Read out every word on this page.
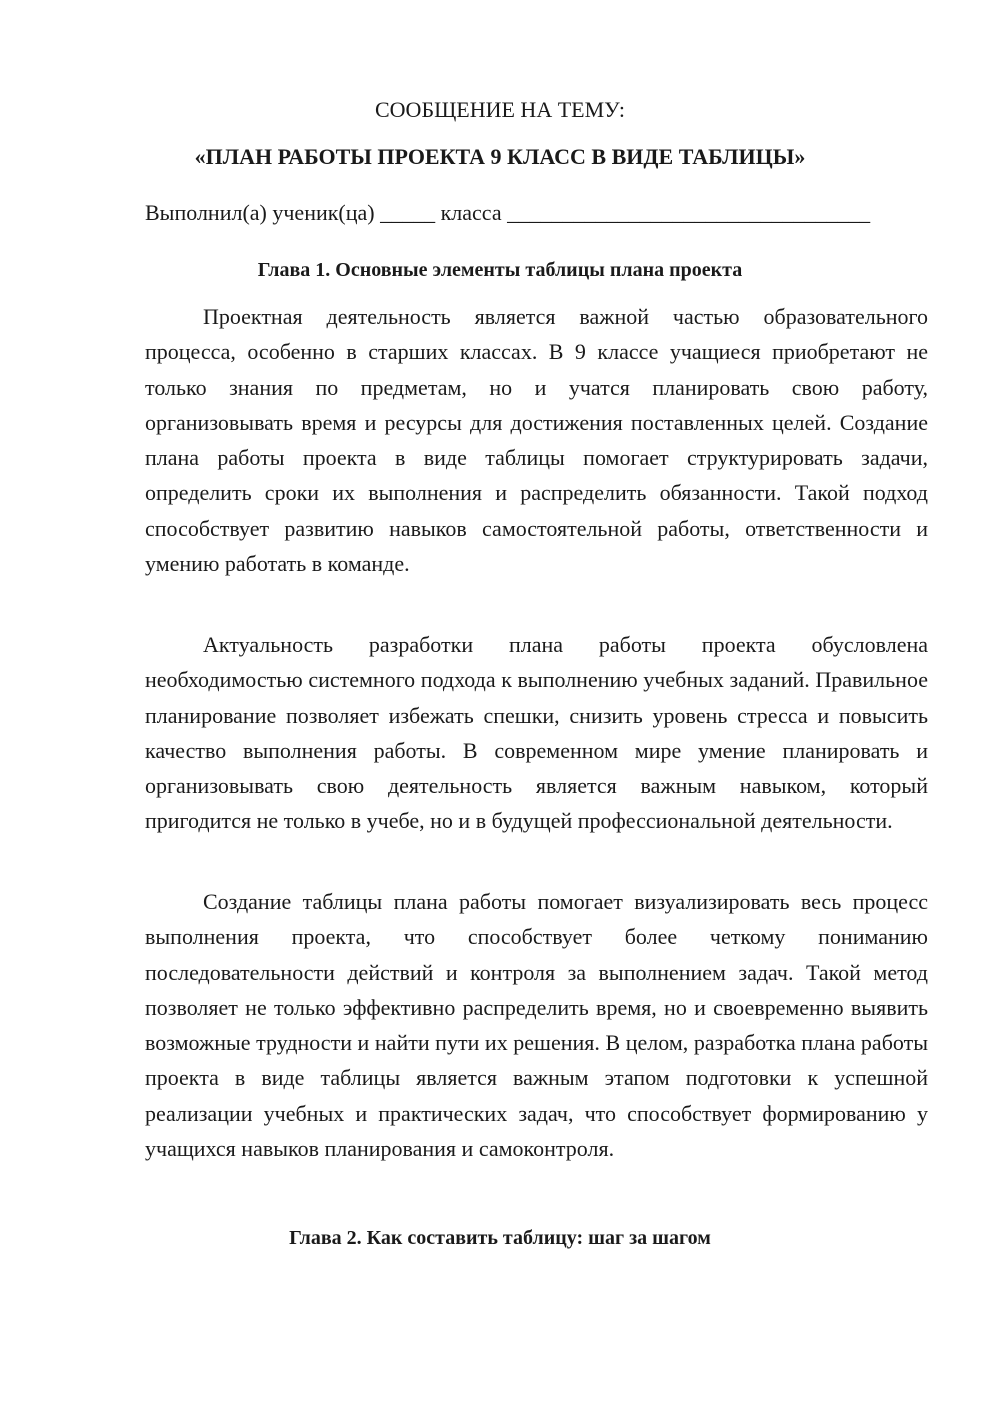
СООБЩЕНИЕ НА ТЕМУ:
«ПЛАН РАБОТЫ ПРОЕКТА 9 КЛАСС В ВИДЕ ТАБЛИЦЫ»
Выполнил(а) ученик(ца) _____ класса _________________________________
Глава 1. Основные элементы таблицы плана проекта

Проектная деятельность является важной частью образовательного процесса, особенно в старших классах. В 9 классе учащиеся приобретают не только знания по предметам, но и учатся планировать свою работу, организовывать время и ресурсы для достижения поставленных целей. Создание плана работы проекта в виде таблицы помогает структурировать задачи, определить сроки их выполнения и распределить обязанности. Такой подход способствует развитию навыков самостоятельной работы, ответственности и умению работать в команде.

Актуальность разработки плана работы проекта обусловлена необходимостью системного подхода к выполнению учебных заданий. Правильное планирование позволяет избежать спешки, снизить уровень стресса и повысить качество выполнения работы. В современном мире умение планировать и организовывать свою деятельность является важным навыком, который пригодится не только в учебе, но и в будущей профессиональной деятельности.

Создание таблицы плана работы помогает визуализировать весь процесс выполнения проекта, что способствует более четкому пониманию последовательности действий и контроля за выполнением задач. Такой метод позволяет не только эффективно распределить время, но и своевременно выявить возможные трудности и найти пути их решения. В целом, разработка плана работы проекта в виде таблицы является важным этапом подготовки к успешной реализации учебных и практических задач, что способствует формированию у учащихся навыков планирования и самоконтроля.

Глава 2. Как составить таблицу: шаг за шагом
